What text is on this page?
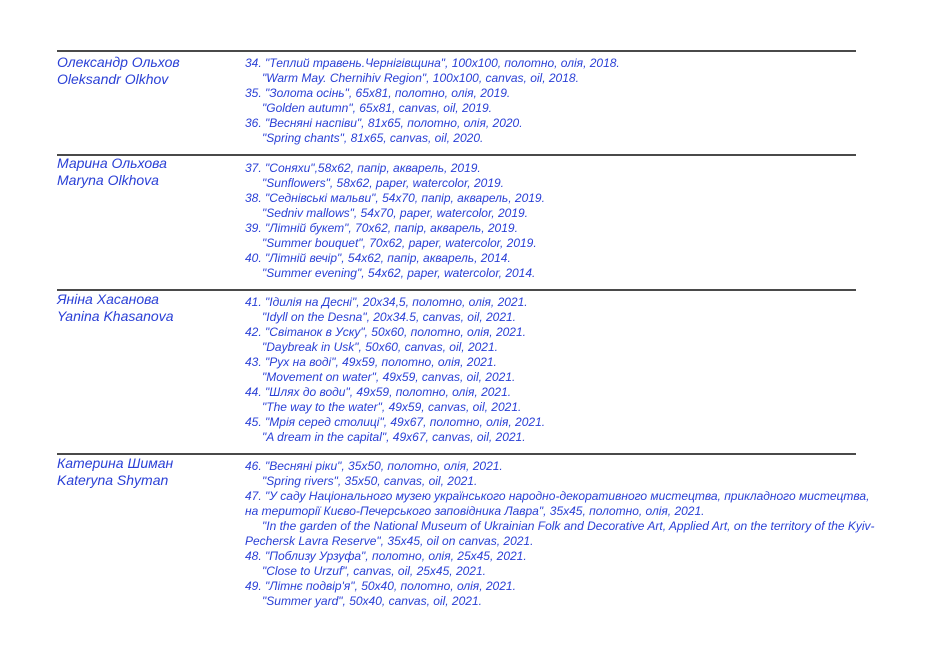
Олександр Ольхов
Oleksandr Olkhov
34. "Теплий травень.Чернігівщина", 100х100, полотно, олія, 2018.
"Warm May. Chernihiv Region", 100x100, canvas, oil, 2018.
35. "Золота осінь", 65х81, полотно, олія, 2019.
"Golden autumn", 65x81, canvas, oil, 2019.
36. "Весняні наспіви", 81х65, полотно, олія, 2020.
"Spring chants", 81x65, canvas, oil, 2020.
Марина Ольхова
Maryna Olkhova
37. "Соняхи",58х62, папір, акварель, 2019.
"Sunflowers", 58x62, paper, watercolor, 2019.
38. "Седнівські мальви", 54х70, папір, акварель, 2019.
"Sedniv mallows", 54x70, paper, watercolor, 2019.
39. "Літній букет", 70х62, папір, акварель, 2019.
"Summer bouquet", 70x62, paper, watercolor, 2019.
40. "Літній вечір", 54х62, папір, акварель, 2014.
"Summer evening", 54x62, paper, watercolor, 2014.
Яніна Хасанова
Yanina Khasanova
41. "Ідилія на Десні", 20х34,5, полотно, олія, 2021.
"Idyll on the Desna", 20x34.5, canvas, oil, 2021.
42. "Світанок в Уску", 50х60, полотно, олія, 2021.
"Daybreak in Usk", 50x60, canvas, oil, 2021.
43. "Рух на воді", 49х59, полотно, олія, 2021.
"Movement on water", 49x59, canvas, oil, 2021.
44. "Шлях до води", 49х59, полотно, олія, 2021.
"The way to the water", 49x59, canvas, oil, 2021.
45. "Мрія серед столиці", 49х67, полотно, олія, 2021.
"A dream in the capital", 49x67, canvas, oil, 2021.
Катерина Шиман
Kateryna Shyman
46. "Весняні ріки", 35х50, полотно, олія, 2021.
"Spring rivers", 35x50, canvas, oil, 2021.
47. "У саду Національного музею українського народно-декоративного мистецтва, прикладного мистецтва, на території Києво-Печерського заповідника Лавра", 35х45, полотно, олія, 2021.
"In the garden of the National Museum of Ukrainian Folk and Decorative Art, Applied Art, on the territory of the Kyiv-Pechersk Lavra Reserve", 35x45, oil on canvas, 2021.
48. "Поблизу Урзуфа", полотно, олія, 25х45, 2021.
"Close to Urzuf", canvas, oil, 25x45, 2021.
49. "Літнє подвір'я", 50х40, полотно, олія, 2021.
"Summer yard", 50x40, canvas, oil, 2021.
